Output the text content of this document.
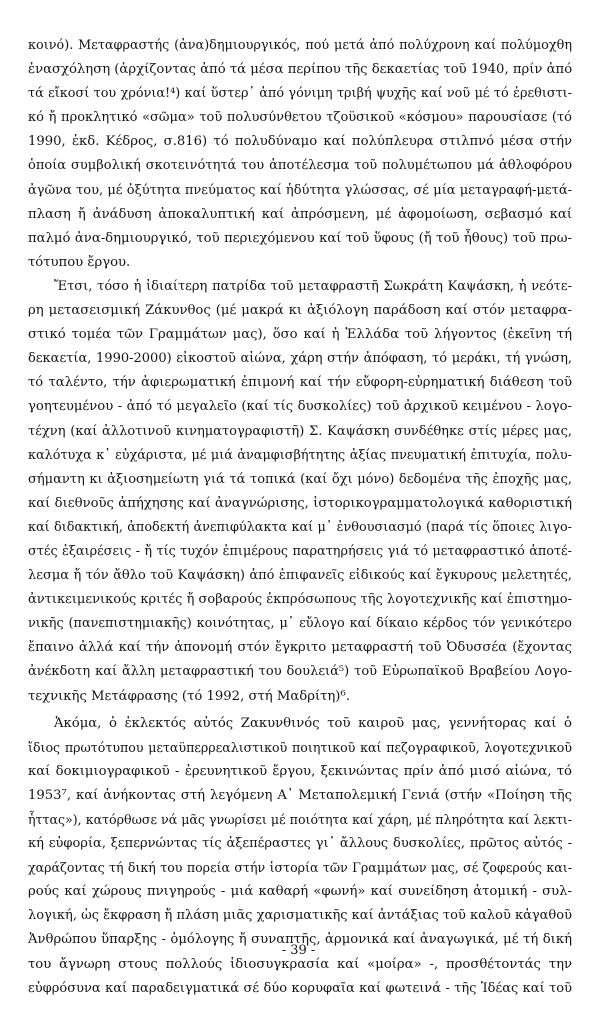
κοινό). Μεταφραστής (ἀνα)δημιουργικός, πού μετά ἀπό πολύχρονη καί πολύμοχθη
ἐνασχόληση (ἀρχίζοντας ἀπό τά μέσα περίπου τῆς δεκαετίας τοῦ 1940, πρίν ἀπό
τά εἴκοσί του χρόνια!⁴) καί ὕστερ᾽ ἀπό γόνιμη τριβή ψυχῆς καί νοῦ μέ τό ἐρεθιστι-
κό ἤ προκλητικό «σῶμα» τοῦ πολυσύνθετου τζοϋσικοῦ «κόσμου» παρουσίασε (τό
1990, ἐκδ. Κέδρος, σ.816) τό πολυδύναμο καί πολύπλευρα στιλπνό μέσα στήν
ὁποία συμβολική σκοτεινότητά του ἀποτέλεσμα τοῦ πολυμέτωπου μά ἀθλοφόρου
ἀγῶνα του, μέ ὀξύτητα πνεύματος καί ἡδύτητα γλώσσας, σέ μία μεταγραφή-μετά-
πλαση ἤ ἀνάδυση ἀποκαλυπτική καί ἀπρόσμενη, μέ ἀφομοίωση, σεβασμό καί
παλμό ἀνα-δημιουργικό, τοῦ περιεχόμενου καί τοῦ ὕφους (ἤ τοῦ ἦθους) τοῦ πρω-
τότυπου ἔργου.
Ἔτσι, τόσο ἡ ἰδιαίτερη πατρίδα τοῦ μεταφραστῆ Σωκράτη Καψάσκη, ἡ νεότε-
ρη μετασεισμική Ζάκυνθος (μέ μακρά κι ἀξιόλογη παράδοση καί στόν μεταφρα-
στικό τομέα τῶν Γραμμάτων μας), ὅσο καί ἡ Ἑλλάδα τοῦ λήγοντος (ἐκεῖνη τή
δεκαετία, 1990-2000) εἰκοστοῦ αἰώνα, χάρη στήν ἀπόφαση, τό μεράκι, τή γνώση,
τό ταλέντο, τήν ἀφιερωματική ἐπιμονή καί τήν εὔφορη-εὐρηματική διάθεση τοῦ
γοητευμένου - ἀπό τό μεγαλεῖο (καί τίς δυσκολίες) τοῦ ἀρχικοῦ κειμένου - λογο-
τέχνη (καί ἀλλοτινοῦ κινηματογραφιστῆ) Σ. Καψάσκη συνδέθηκε στίς μέρες μας,
καλότυχα κ᾽ εὐχάριστα, μέ μιά ἀναμφισβήτητης ἀξίας πνευματική ἐπιτυχία, πολυ-
σήμαντη κι ἀξιοσημείωτη γιά τά τοπικά (καί ὄχι μόνο) δεδομένα τῆς ἐποχῆς μας,
καί διεθνοῦς ἀπήχησης καί ἀναγνώρισης, ἱστορικογραμματολογικά καθοριστική
καί διδακτική, ἀποδεκτή ἀνεπιφύλακτα καί μ᾽ ἐνθουσιασμό (παρά τίς ὅποιες λιγο-
στές ἐξαιρέσεις - ἤ τίς τυχόν ἐπιμέρους παρατηρήσεις γιά τό μεταφραστικό ἀποτέ-
λεσμα ἤ τόν ἄθλο τοῦ Καψάσκη) ἀπό ἐπιφανεῖς εἰδικούς καί ἔγκυρους μελετητές,
ἀντικειμενικούς κριτές ἤ σοβαρούς ἐκπρόσωπους τῆς λογοτεχνικῆς καί ἐπιστημο-
νικῆς (πανεπιστημιακῆς) κοινότητας, μ᾽ εὔλογο καί δίκαιο κέρδος τόν γενικότερο
ἔπαινο ἀλλά καί τήν ἀπονομή στόν ἔγκριτο μεταφραστή τοῦ Ὀδυσσέα (ἔχοντας
ἀνέκδοτη καί ἄλλη μεταφραστική του δουλειά⁵) τοῦ Εὐρωπαϊκοῦ Βραβείου Λογο-
τεχνικῆς Μετάφρασης (τό 1992, στή Μαδρίτη)⁶.
Ἀκόμα, ὁ ἐκλεκτός αὐτός Ζακυνθινός τοῦ καιροῦ μας, γεννήτορας καί ὁ
ἴδιος πρωτότυπου μεταϋπερρεαλιστικοῦ ποιητικοῦ καί πεζογραφικοῦ, λογοτεχνικοῦ
καί δοκιμιογραφικοῦ - ἐρευνητικοῦ ἔργου, ξεκινώντας πρίν ἀπό μισό αἰώνα, τό
1953⁷, καί ἀνήκοντας στή λεγόμενη Α᾽ Μεταπολεμική Γενιά (στήν «Ποίηση τῆς
ἧττας»), κατόρθωσε νά μᾶς γνωρίσει μέ ποιότητα καί χάρη, μέ πληρότητα καί λεκτι-
κή εὐφορία, ξεπερνώντας τίς ἀξεπέραστες γι᾽ ἄλλους δυσκολίες, πρῶτος αὐτός -
χαράζοντας τή δική του πορεία στήν ἱστορία τῶν Γραμμάτων μας, σέ ζοφερούς και-
ρούς καί χώρους πνιγηρούς - μιά καθαρή «φωνή» καί συνείδηση ἀτομική - συλ-
λογική, ὡς ἔκφραση ἤ πλάση μιᾶς χαρισματικῆς καί ἀντάξιας τοῦ καλοῦ κἀγαθοῦ
Ἀνθρώπου ὕπαρξης - ὁμόλογης ἤ συναπτῆς, ἁρμονικά καί ἀναγωγικά, μέ τή δική
του ἄγνωρη στους πολλούς ἰδιοσυγκρασία καί «μοίρα» -, προσθέτοντάς την
εὐφρόσυνα καί παραδειγματικά σέ δύο κορυφαῖα καί φωτεινά - τῆς Ἰδέας καί τοῦ
- 39 -
